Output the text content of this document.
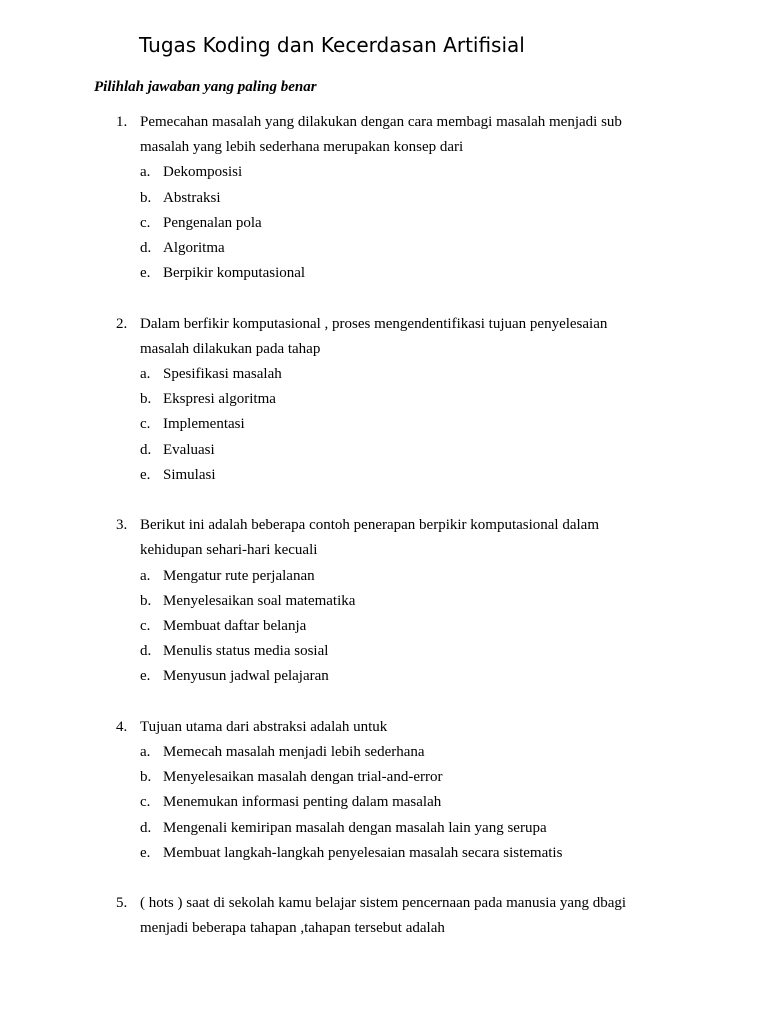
Tugas Koding dan Kecerdasan Artifisial
Pilihlah jawaban yang paling benar
1. Pemecahan masalah yang dilakukan dengan cara membagi masalah menjadi sub masalah yang lebih sederhana merupakan konsep dari
a. Dekomposisi
b. Abstraksi
c. Pengenalan pola
d. Algoritma
e. Berpikir komputasional
2. Dalam berfikir komputasional , proses mengendentifikasi tujuan penyelesaian masalah dilakukan pada tahap
a. Spesifikasi masalah
b. Ekspresi algoritma
c. Implementasi
d. Evaluasi
e. Simulasi
3. Berikut ini adalah beberapa contoh penerapan berpikir komputasional dalam kehidupan sehari-hari kecuali
a. Mengatur rute perjalanan
b. Menyelesaikan soal matematika
c. Membuat daftar belanja
d. Menulis status media sosial
e. Menyusun jadwal pelajaran
4. Tujuan utama dari abstraksi adalah untuk
a. Memecah masalah menjadi lebih sederhana
b. Menyelesaikan masalah dengan trial-and-error
c. Menemukan informasi penting dalam masalah
d. Mengenali kemiripan masalah dengan masalah lain yang serupa
e. Membuat langkah-langkah penyelesaian masalah secara sistematis
5. ( hots ) saat di sekolah kamu belajar sistem pencernaan pada manusia yang dbagi menjadi beberapa tahapan ,tahapan tersebut adalah
